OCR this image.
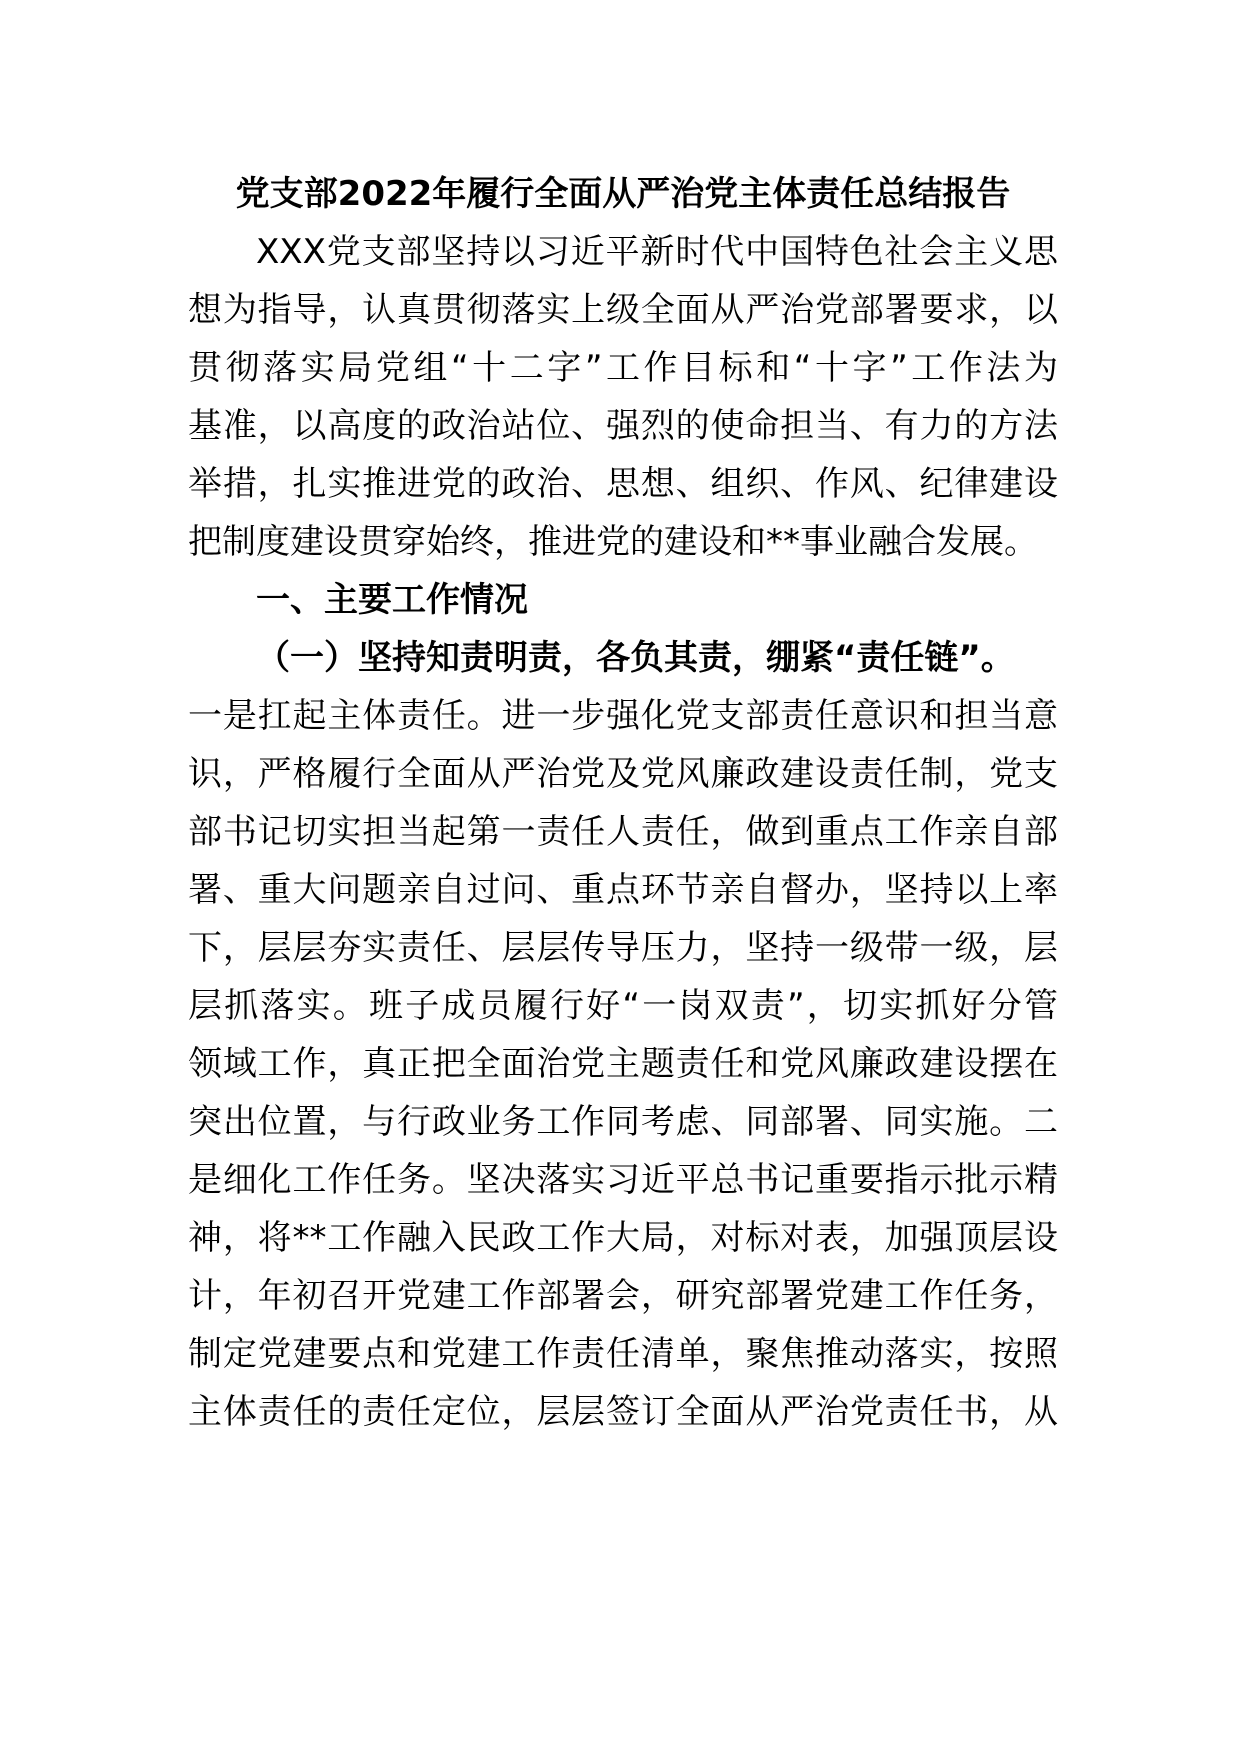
党支部2022年履行全面从严治党主体责任总结报告
XXX党支部坚持以习近平新时代中国特色社会主义思
想为指导，认真贯彻落实上级全面从严治党部署要求，以
贯彻落实局党组“十二字”工作目标和“十字”工作法为
基准，以高度的政治站位、强烈的使命担当、有力的方法
举措，扎实推进党的政治、思想、组织、作风、纪律建设
把制度建设贯穿始终，推进党的建设和**事业融合发展。
一、主要工作情况
（一）坚持知责明责，各负其责，绷紧“责任链”。
一是扛起主体责任。进一步强化党支部责任意识和担当意
识，严格履行全面从严治党及党风廉政建设责任制，党支
部书记切实担当起第一责任人责任，做到重点工作亲自部
署、重大问题亲自过问、重点环节亲自督办，坚持以上率
下，层层夯实责任、层层传导压力，坚持一级带一级，层
层抓落实。班子成员履行好“一岗双责”，切实抓好分管
领域工作，真正把全面治党主题责任和党风廉政建设摆在
突出位置，与行政业务工作同考虑、同部署、同实施。二
是细化工作任务。坚决落实习近平总书记重要指示批示精
神，将**工作融入民政工作大局，对标对表，加强顶层设
计，年初召开党建工作部署会，研究部署党建工作任务，
制定党建要点和党建工作责任清单，聚焦推动落实，按照
主体责任的责任定位，层层签订全面从严治党责任书，从
